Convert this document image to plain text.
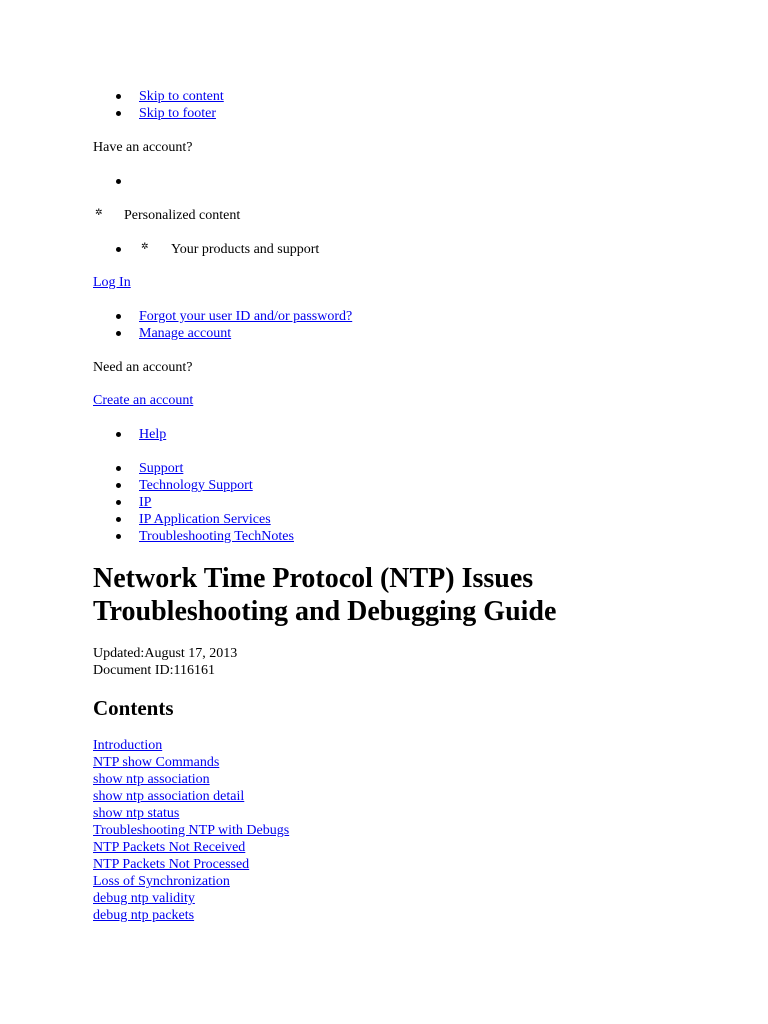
Skip to content
Skip to footer

Have an account?

✲ Personalized content
✲ Your products and support
Log In
Forgot your user ID and/or password?
Manage account

Need an account?

Create an account
Help
Support
Technology Support
IP
IP Application Services
Troubleshooting TechNotes
Network Time Protocol (NTP) Issues Troubleshooting and Debugging Guide
Updated:August 17, 2013
Document ID:116161
Contents
Introduction
NTP show Commands
show ntp association
show ntp association detail
show ntp status
Troubleshooting NTP with Debugs
NTP Packets Not Received
NTP Packets Not Processed
Loss of Synchronization
debug ntp validity
debug ntp packets
